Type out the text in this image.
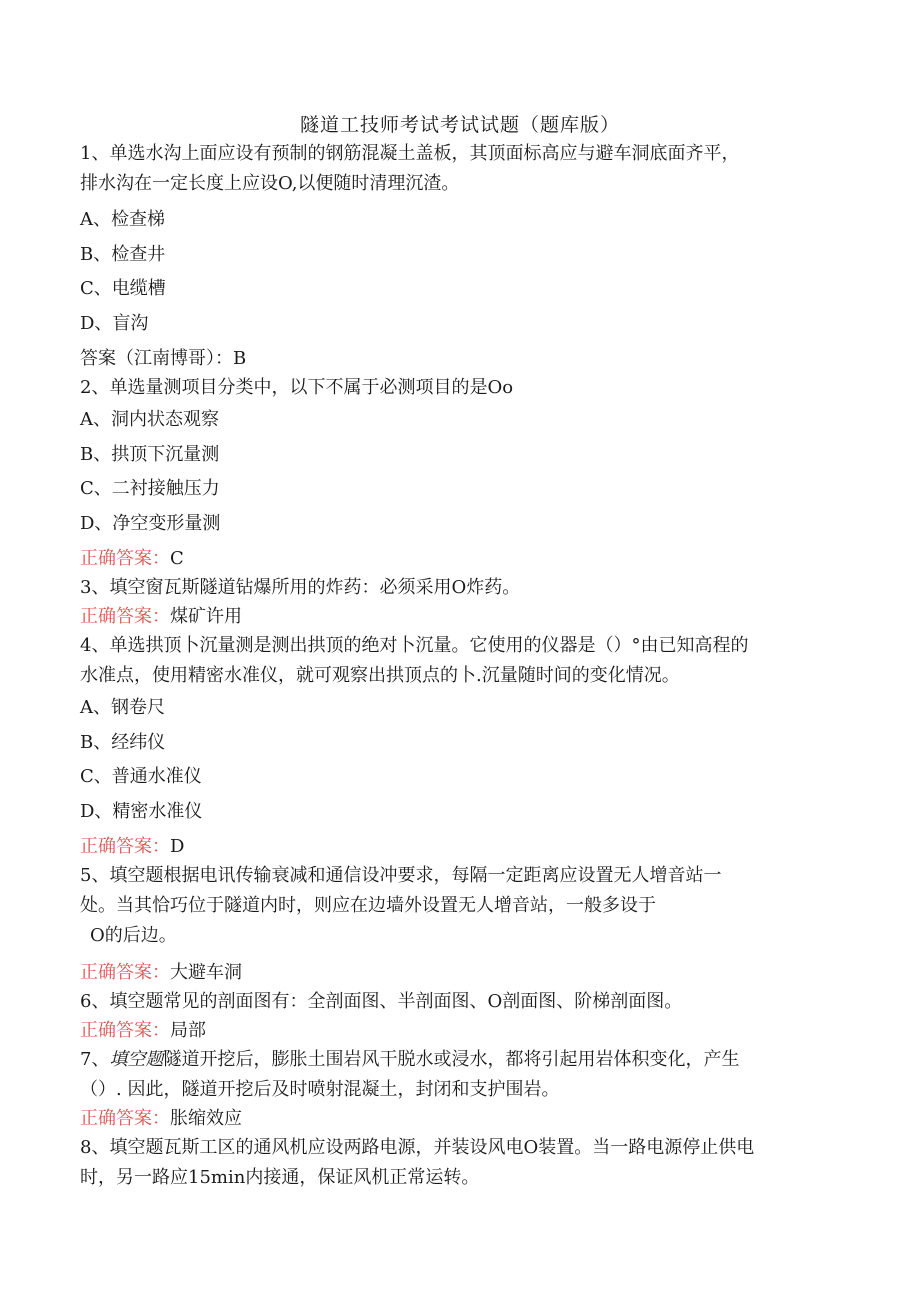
隧道工技师考试考试试题（题库版）
1、单选水沟上面应设有预制的钢筋混凝土盖板，其顶面标高应与避车洞底面齐平，
排水沟在一定长度上应设O,以便随时清理沉渣。
A、检查梯
B、检查井
C、电缆槽
D、盲沟
答案（江南博哥）：B
2、单选量测项目分类中，以下不属于必测项目的是Oo
A、洞内状态观察
B、拱顶下沉量测
C、二衬接触压力
D、净空变形量测
正确答案：C
3、填空窗瓦斯隧道钻爆所用的炸药：必须采用O炸药。
正确答案：煤矿许用
4、单选拱顶卜沉量测是测出拱顶的绝对卜沉量。它使用的仪器是（）°由已知高程的
水准点，使用精密水准仪，就可观察出拱顶点的卜.沉量随时间的变化情况。
A、钢卷尺
B、经纬仪
C、普通水准仪
D、精密水准仪
正确答案：D
5、填空题根据电讯传输衰减和通信设冲要求，每隔一定距离应设置无人增音站一
处。当其恰巧位于隧道内时，则应在边墙外设置无人增音站，一般多设于
O的后边。
正确答案：大避车洞
6、填空题常见的剖面图有：全剖面图、半剖面图、O剖面图、阶梯剖面图。
正确答案：局部
7、填空题隧道开挖后，膨胀土围岩风干脱水或浸水，都将引起用岩体积变化，产生
（）. 因此，隧道开挖后及时喷射混凝土，封闭和支护围岩。
正确答案：胀缩效应
8、填空题瓦斯工区的通风机应设两路电源，并装设风电O装置。当一路电源停止供电
时，另一路应15min内接通，保证风机正常运转。
